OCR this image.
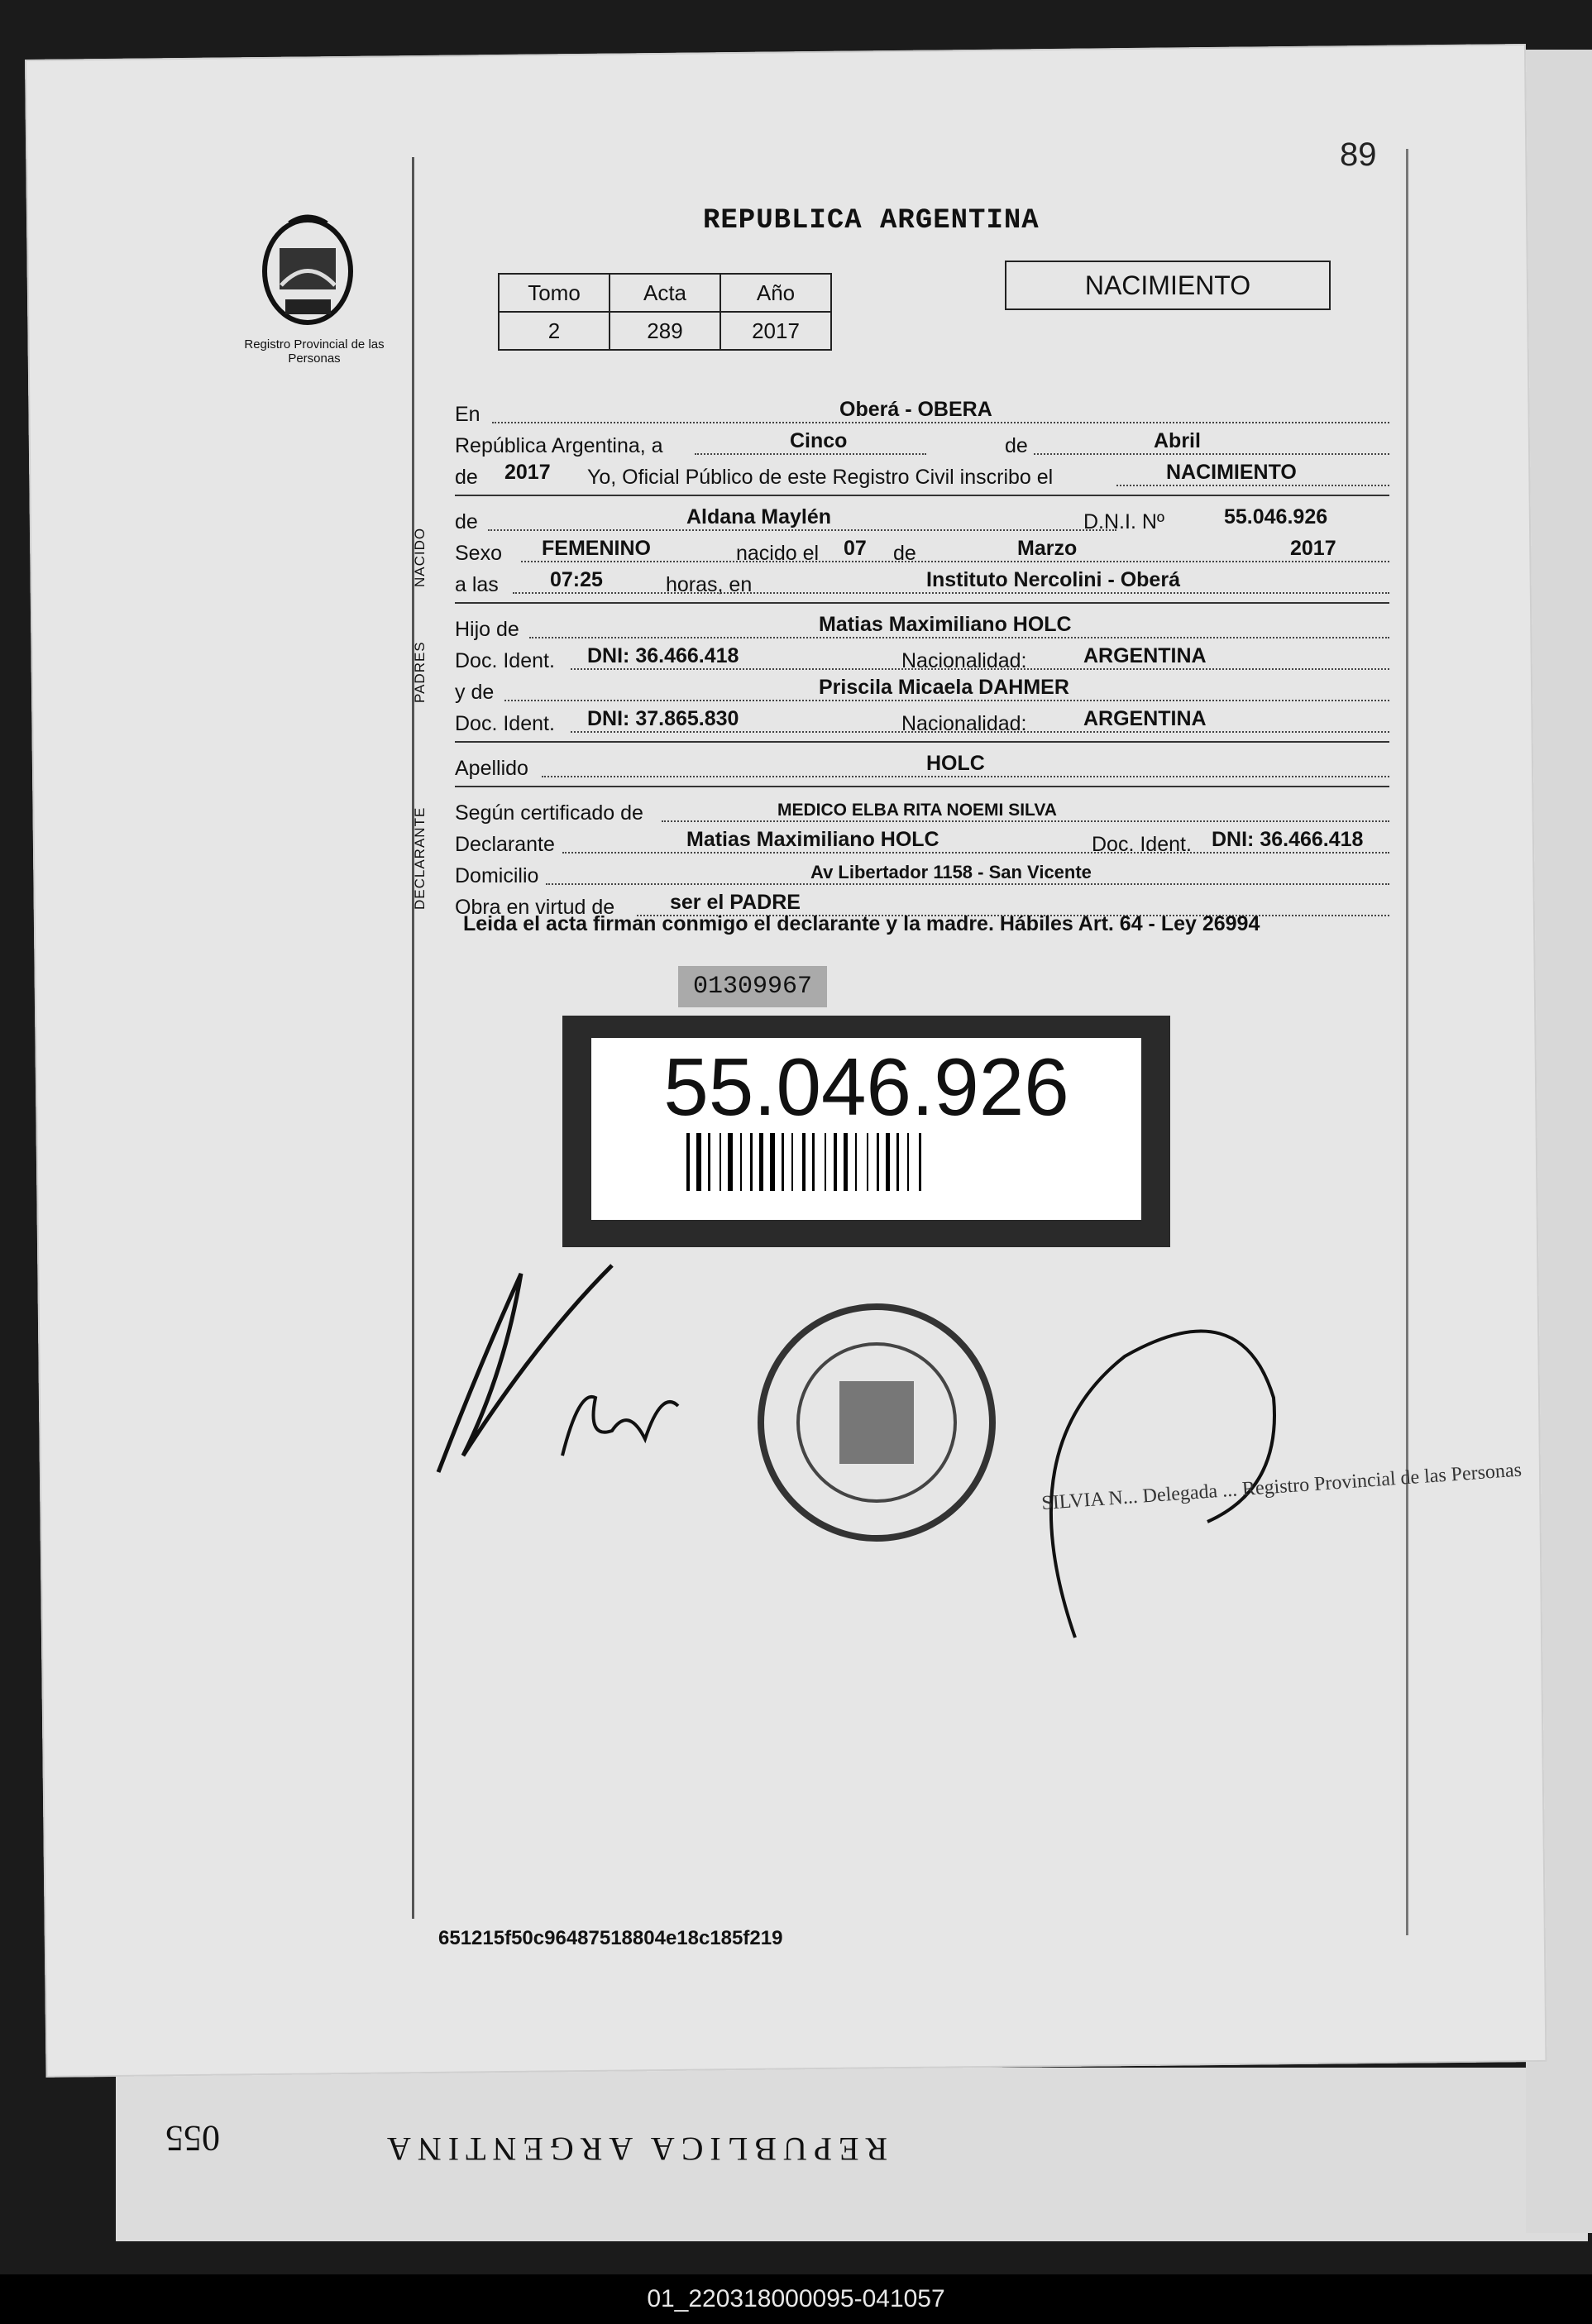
89
Registro Provincial de las Personas
REPUBLICA ARGENTINA
Tomo	Acta	Año
2	289	2017
NACIMIENTO
En	Oberá - OBERA
República Argentina, a	Cinco	de	Abril
de 2017 Yo, Oficial Público de este Registro Civil inscribo el	NACIMIENTO
NACIDO
de	Aldana Maylén	D.N.I. Nº	55.046.926
Sexo FEMENINO	nacido el 07 de	Marzo	2017
a las 07:25	horas, en	Instituto Nercolini - Oberá
PADRES
Hijo de	Matias Maximiliano HOLC
Doc. Ident. DNI: 36.466.418	Nacionalidad:	ARGENTINA
y de	Priscila Micaela DAHMER
Doc. Ident. DNI: 37.865.830	Nacionalidad:	ARGENTINA
Apellido	HOLC
DECLARANTE Según certificado de	MEDICO ELBA RITA NOEMI SILVA
Declarante	Matias Maximiliano HOLC	Doc. Ident. DNI: 36.466.418
Domicilio	Av Libertador 1158 - San Vicente
Obra en virtud de	ser el PADRE
Leida el acta firman conmigo el declarante y la madre. Hábiles Art. 64 - Ley 26994
01309967
55.046.926
SILVIA N... Delegada ... Registro Provincial de las Personas
651215f50c96487518804e18c185f219
REPUBLICA ARGENTINA
055
01_220318000095-041057
